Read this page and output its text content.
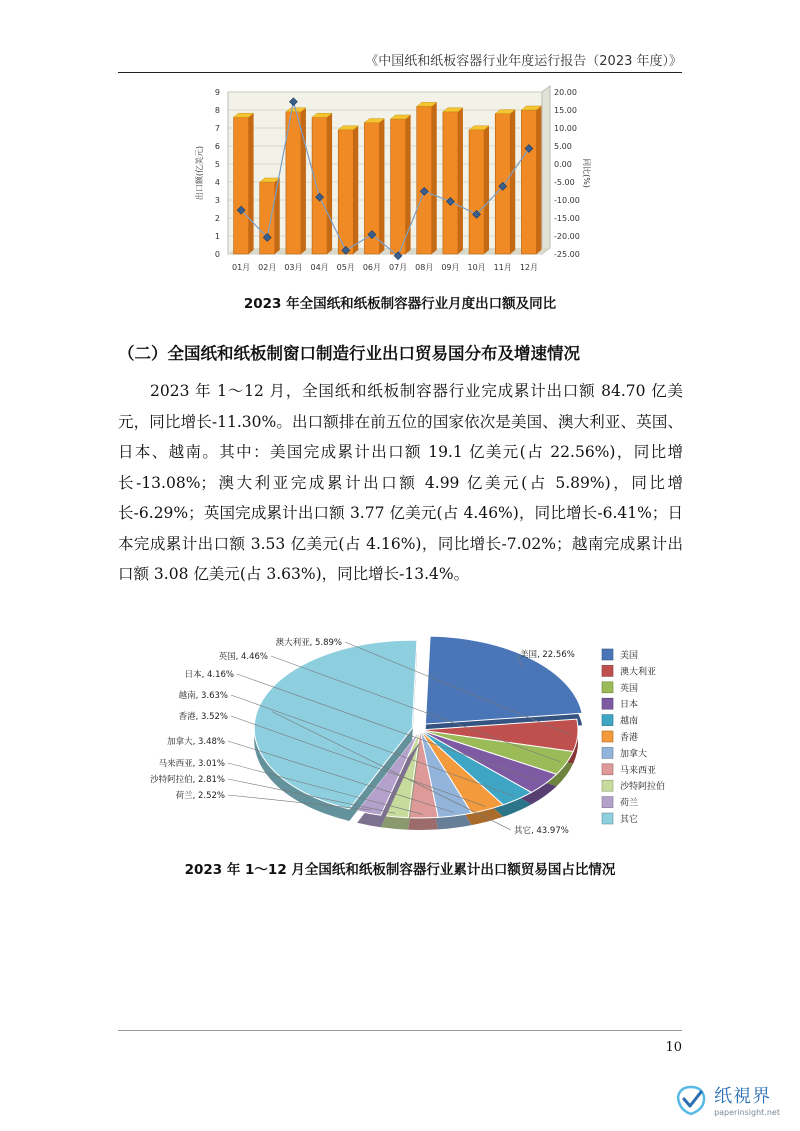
《中国纸和纸板容器行业年度运行报告（2023 年度）》
0
1
2
3
4
5
6
7
8
9
-25.00
-20.00
-15.00
-10.00
-5.00
0.00
5.00
10.00
15.00
20.00
出口额(亿美元)	同比(%)
01月 02月 03月 04月 05月 06月 07月 08月 09月 10月 11月 12月
2023 年全国纸和纸板制容器行业月度出口额及同比
（二）全国纸和纸板制窗口制造行业出口贸易国分布及增速情况
2023 年 1～12 月，全国纸和纸板制容器行业完成累计出口额 84.70 亿美元，同比增长-11.30%。出口额排在前五位的国家依次是美国、澳大利亚、英国、日本、越南。其中：美国完成累计出口额 19.1 亿美元(占 22.56%)，同比增长-13.08%；澳大利亚完成累计出口额 4.99 亿美元(占 5.89%)，同比增长-6.29%；英国完成累计出口额 3.77 亿美元(占 4.46%)，同比增长-6.41%；日本完成累计出口额 3.53 亿美元(占 4.16%)，同比增长-7.02%；越南完成累计出口额 3.08 亿美元(占 3.63%)，同比增长-13.4%。
美国, 22.56%
澳大利亚, 5.89%
英国, 4.46%
日本, 4.16%
越南, 3.63%
香港, 3.52%
加拿大, 3.48%
马来西亚, 3.01%
沙特阿拉伯, 2.81%
荷兰, 2.52%
其它, 43.97%
美国
澳大利亚
英国
日本
越南
香港
加拿大
马来西亚
沙特阿拉伯
荷兰
其它
2023 年 1～12 月全国纸和纸板制容器行业累计出口额贸易国占比情况
10
纸視界
paperinsight.net
